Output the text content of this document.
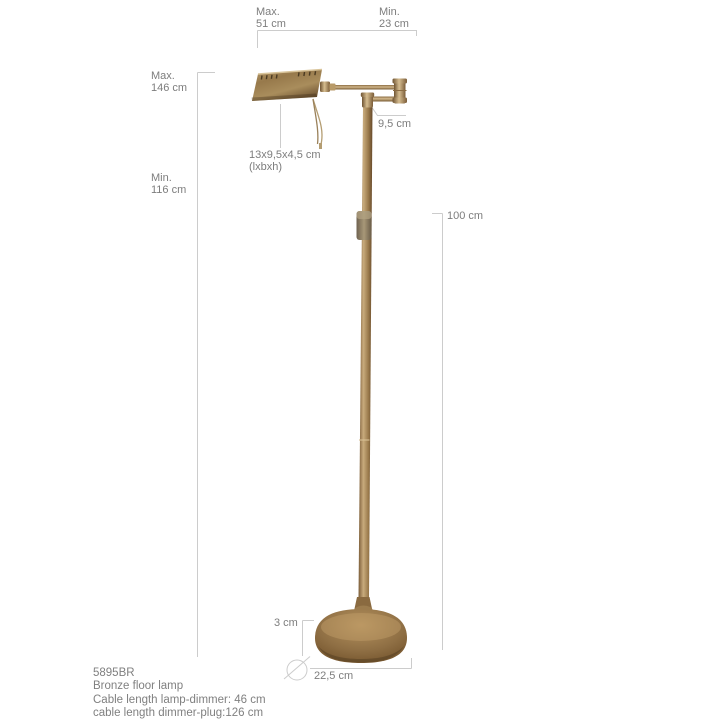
Max.
51 cm
Min.
23 cm
Max.
146 cm
Min.
116 cm
13x9,5x4,5 cm
(lxbxh)
9,5 cm
100 cm
3 cm
22,5 cm
5895BR
Bronze floor lamp
Cable length lamp-dimmer: 46 cm
cable length dimmer-plug:126 cm
